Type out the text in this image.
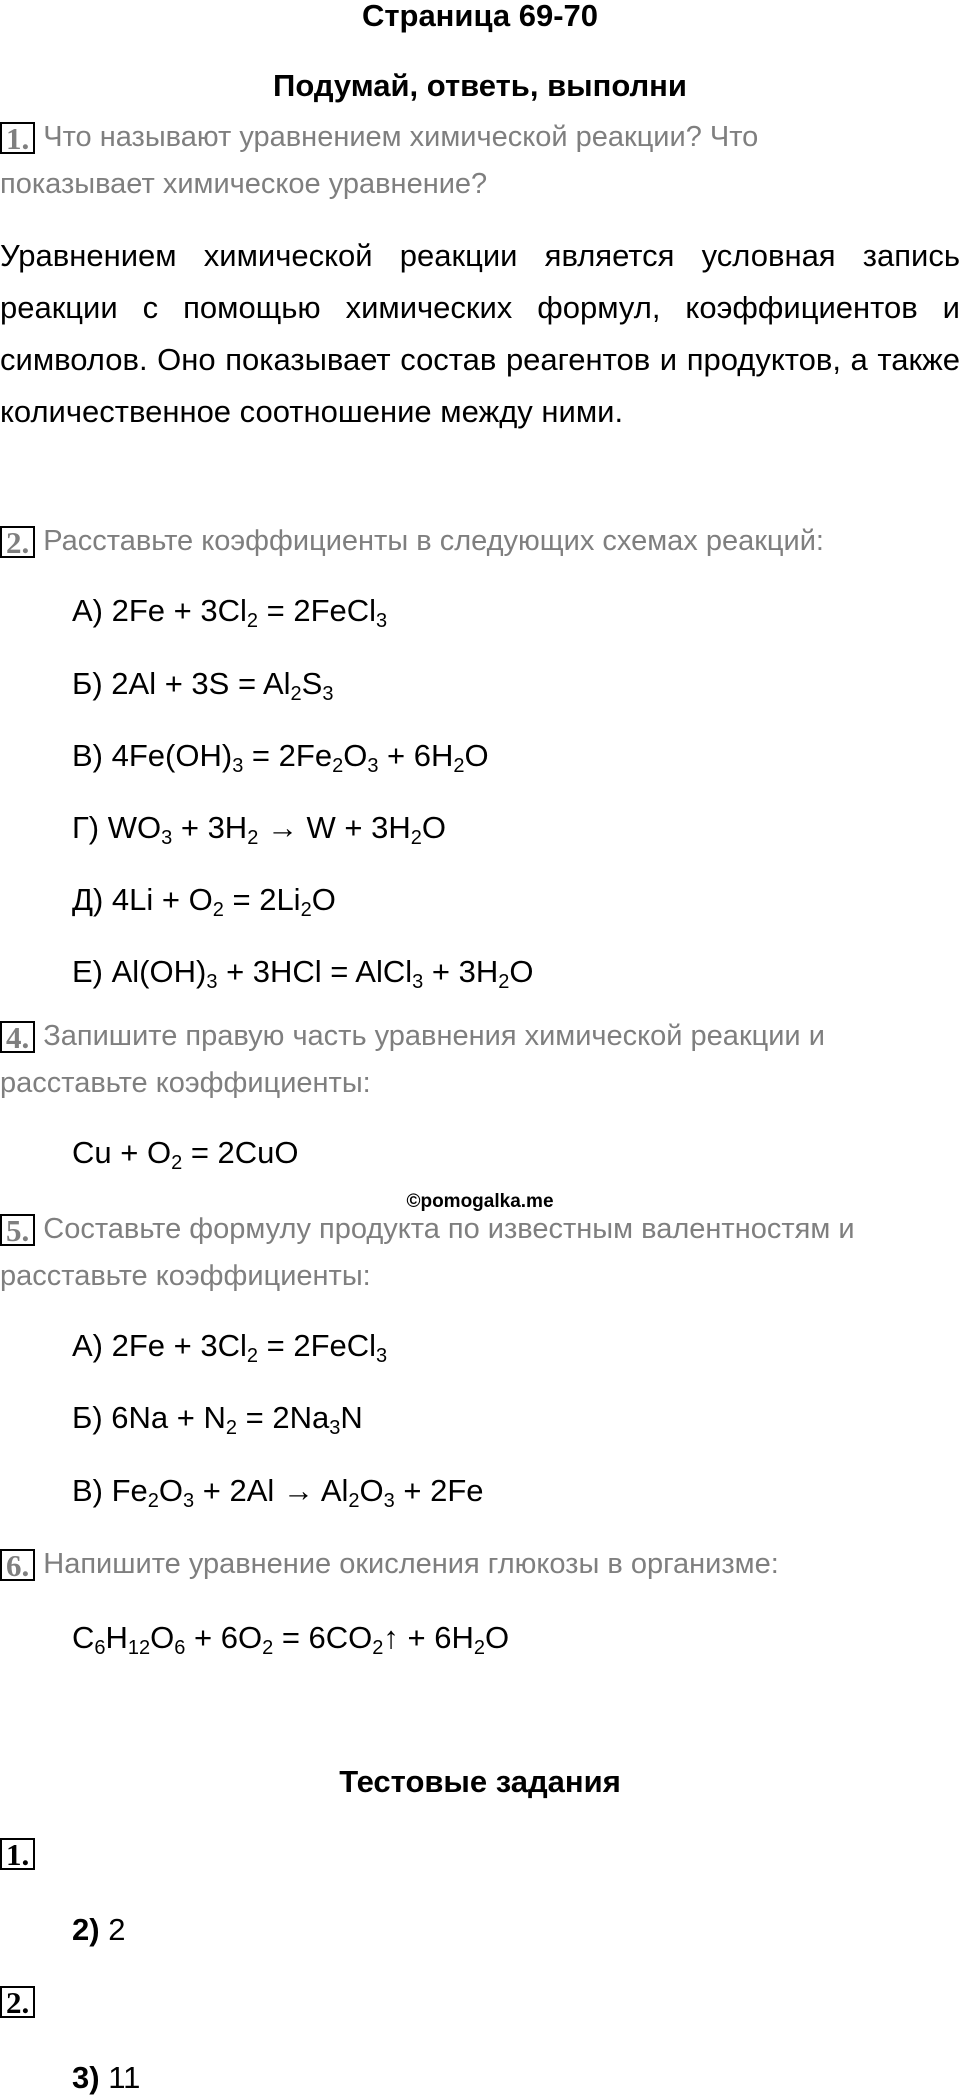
Страница 69-70
Подумай, ответь, выполни
1. Что называют уравнением химической реакции? Что показывает химическое уравнение?
Уравнением химической реакции является условная запись реакции с помощью химических формул, коэффициентов и символов. Оно показывает состав реагентов и продуктов, а также количественное соотношение между ними.
2. Расставьте коэффициенты в следующих схемах реакций:
А) $2Fe + 3Cl_2$ = 2FeCl$_3$
Б) $2Al + 3S = Al_2S_3$
В) $4Fe(OH)_3 = 2Fe_2O_3 + 6H_2O$
Г) $WO_3 + 3H_2 \to W + 3H_2O$
Д) $4Li + O_2 = 2Li_2O$
Е) $Al(OH)_3 + 3HCl$ = AlCl$_3$ + $3H_2O$
4. Запишите правую часть уравнения химической реакции и расставьте коэффициенты:
$Cu + O_2 = 2CuO$
©pomogalka.me
5. Составьте формулу продукта по известным валентностям и расставьте коэффициенты:
А) $2Fe + 3Cl_2$ = 2FeCl$_3$
Б) $6Na + N_2 = 2Na_3N$
В) $Fe_2O_3 + 2Al \to Al_2O_3 + 2Fe$
6. Напишите уравнение окисления глюкозы в организме:
$C_6H_{12}O_6 + 6O_2$ = $6CO_2↑ + 6H_2O$
Тестовые задания
1.
2) 2
2.
3) 11
